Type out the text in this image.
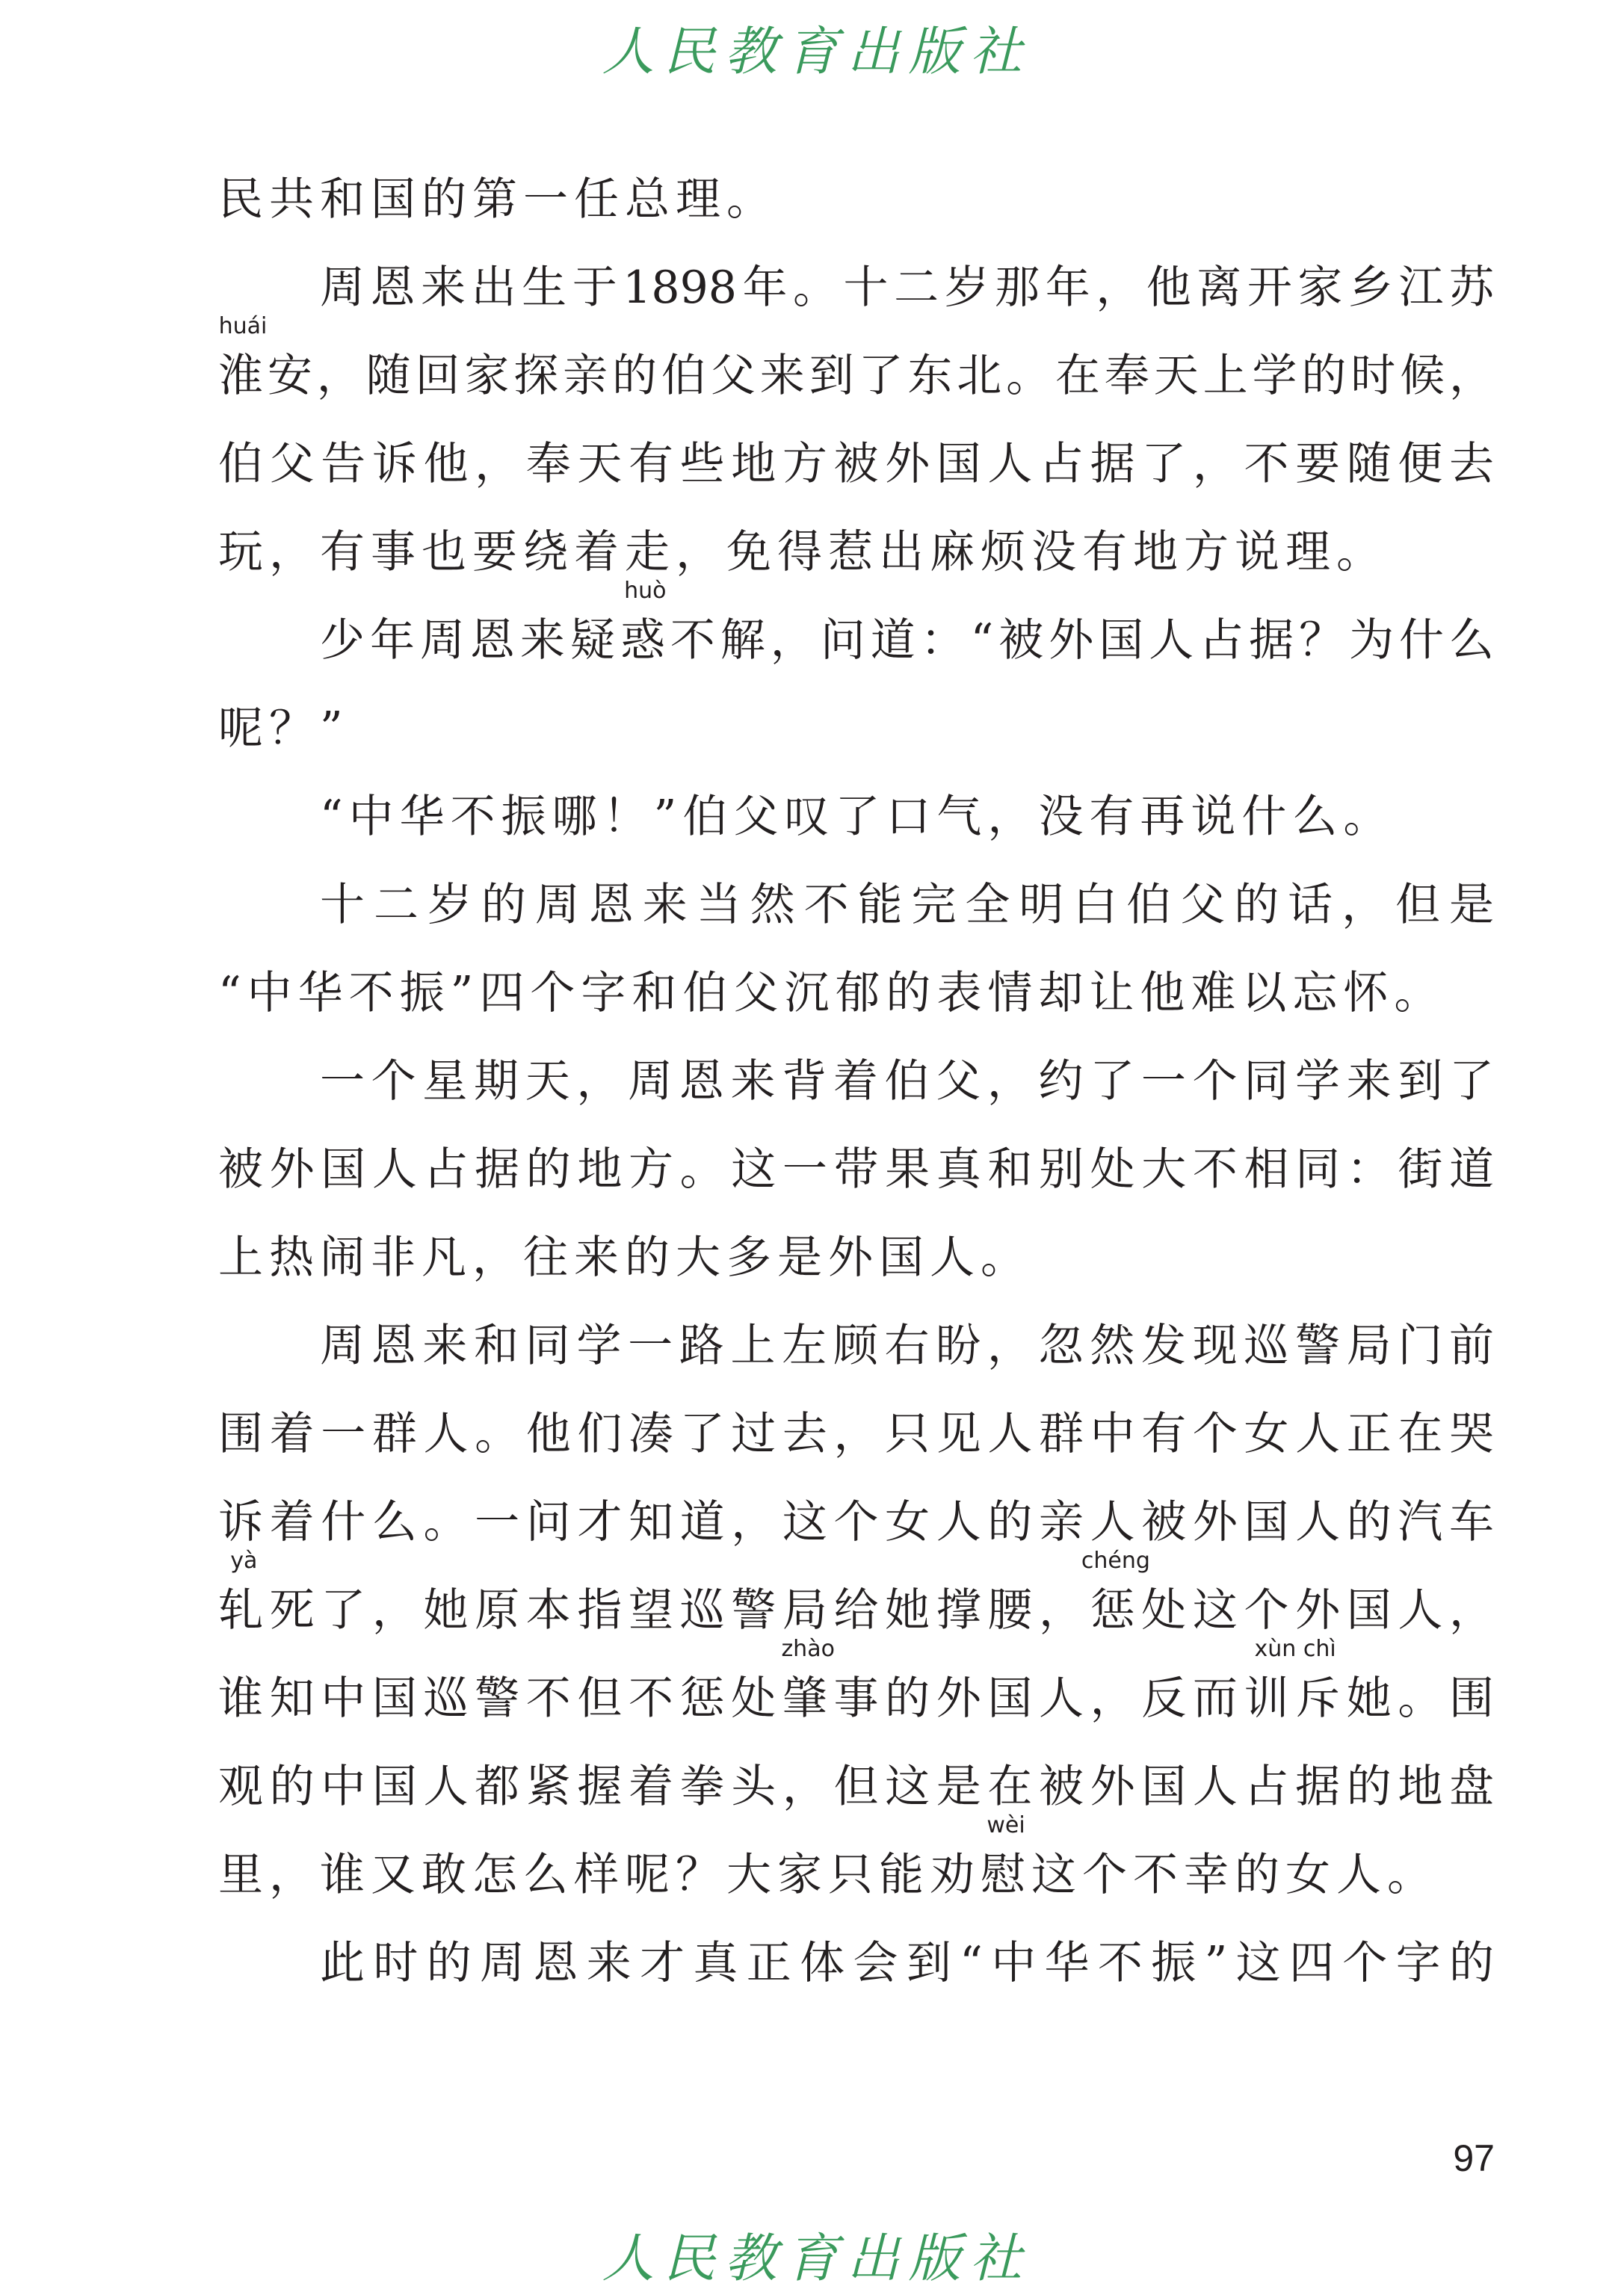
人民教育出版社
民共和国的第一任总理。
周恩来出生于1898年。十二岁那年，他离开家乡江苏
淮
huái
安，随回家探亲的伯父来到了东北。在奉天上学的时候，
伯父告诉他，奉天有些地方被外国人占据了，不要随便去
玩，有事也要绕着走，免得惹出麻烦没有地方说理。
少年周恩来疑惑
huò
不解，问道：“被外国人占据？为什么
呢？”
“中华不振哪！”伯父叹了口气，没有再说什么。
十二岁的周恩来当然不能完全明白伯父的话，但是
“中华不振”四个字和伯父沉郁的表情却让他难以忘怀。
一个星期天，周恩来背着伯父，约了一个同学来到了
被外国人占据的地方。这一带果真和别处大不相同：街道
上热闹非凡，往来的大多是外国人。
周恩来和同学一路上左顾右盼，忽然发现巡警局门前
围着一群人。他们凑了过去，只见人群中有个女人正在哭
诉着什么。一问才知道，这个女人的亲人被外国人的汽车
轧
yà
死了，她原本指望巡警局给她撑腰，惩
chéng
处这个外国人，
谁知中国巡警不但不惩处肇
zhào
事的外国人，反而训斥
xùn chì
她。围
观的中国人都紧握着拳头，但这是在被外国人占据的地盘
里，谁又敢怎么样呢？大家只能劝慰
wèi
这个不幸的女人。
此时的周恩来才真正体会到“中华不振”这四个字的
97
人民教育出版社
